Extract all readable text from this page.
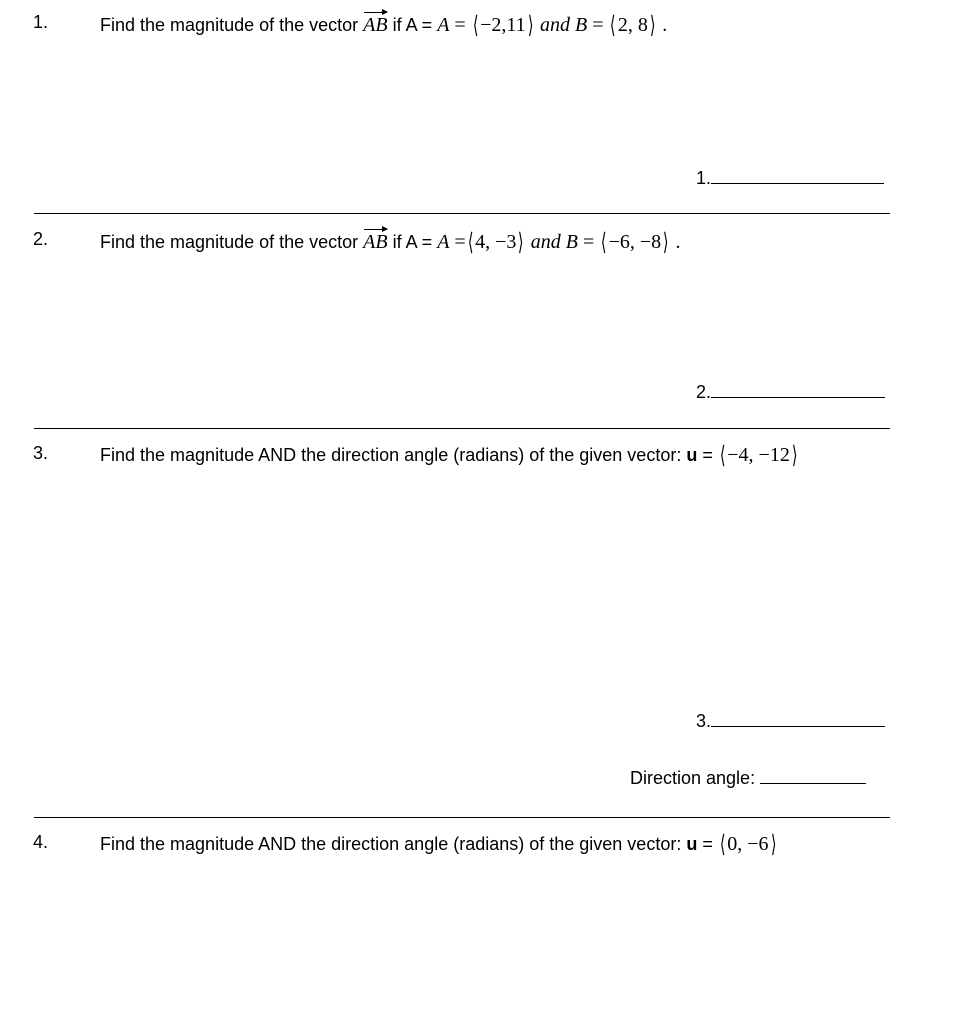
1.	Find the magnitude of the vector AB if A = A = ⟨−2,11⟩ and B = ⟨2, 8⟩ .
1.
2.	Find the magnitude of the vector AB if A = A =⟨4, −3⟩ and B = ⟨−6, −8⟩ .
2.
3.	Find the magnitude AND the direction angle (radians) of the given vector: u = ⟨−4, −12⟩
3.
Direction angle:
4.	Find the magnitude AND the direction angle (radians) of the given vector: u = ⟨0, −6⟩
